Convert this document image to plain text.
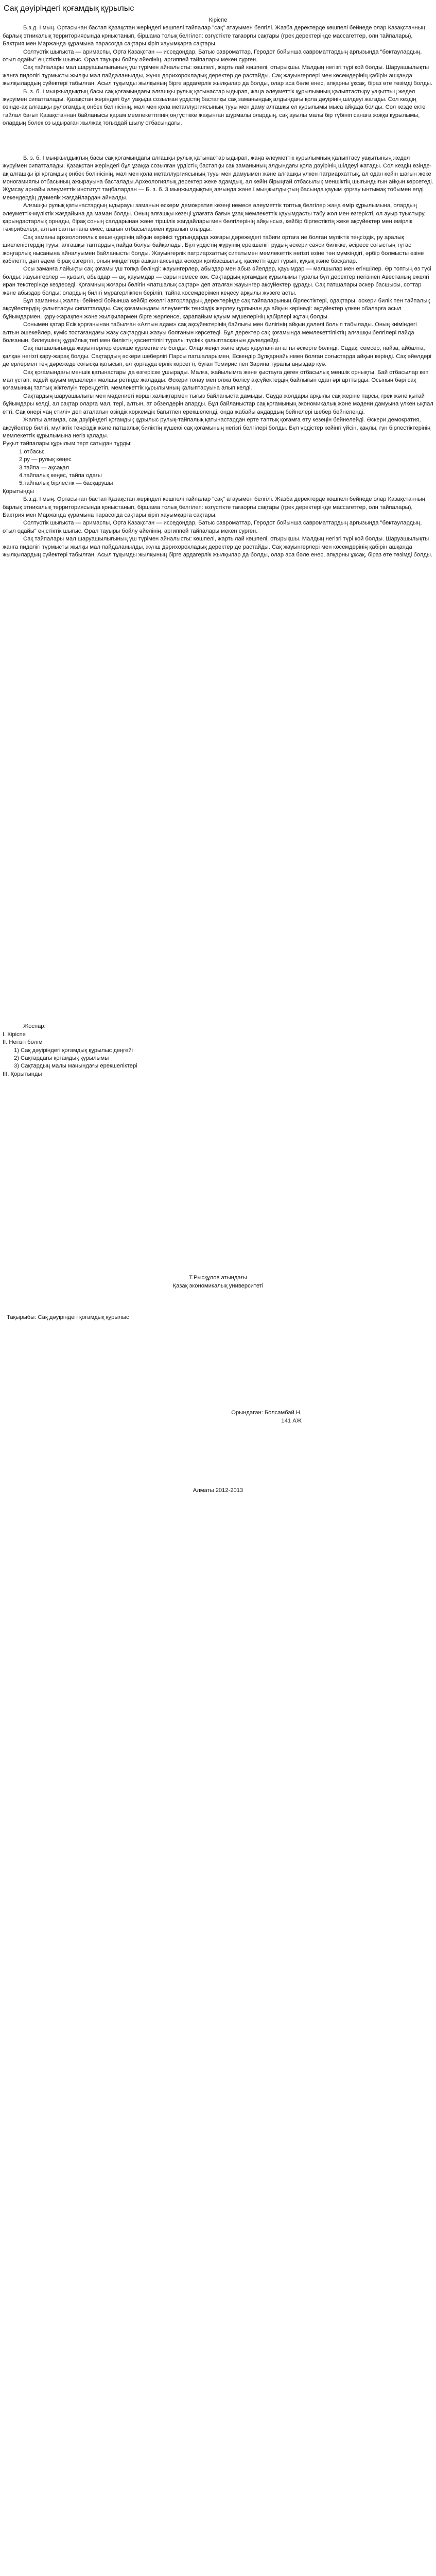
Сақ дәуіріндегі қоғамдық құрылыс

Кіріспе

Б.з.д. I мың. Ортасынан бастап Қазақстан жеріндегі көшпелі тайпалар "сақ" атауымен белгілі. Жазба деректерде көшпелі бейнеде олар Қазақстанның барлық этникалық территориясында қоныстанып, біршама толық белгілеп: өзгүстікте тағаорғы сақтары (грек деректерінде массагеттер, олн тайпалары), Бактрия мен Маржанда құрамына парасогда сақтары кіріп хауымқарға сақтары.

Солтүстік шығыста — аримаспы, Орта Қазақстан — исседондар, Батыс савроматтар, Геродот бойынша савроматтардың арғызында "бөктаулардың, отыл одайы" еңістіктік шығыс. Орал тауыры бойлу әйелінің, аргиппей тайпалары мекен сурген.

Сақ тайпалары мал шаруашылығының үш түрімен айналысты: көшпелі, жартылай көшпелі, отырықшы. Малдың негізгі түрі қой болды. Шаруашылықты жанға пидолігі тұрмысты жылқы мал пайдаланылды, жүнш дәрихорохладық деректер де растайды. Сақ жауынгерлері мен көсемдерінің қабірін ашқанда жылқылардың сүйектері табылған. Асыл тұқымды жылқының бірге ардагерлік жылқылар да болды, олар аса бәле енес, апқарны ұқсақ, біраз өте төзімді болды.

Б. з. б. I мыңжылдықтың басы сақ қоғамындағы алғашқы рулық қатынастар ыдырап, жаңа әлеуметтік құрылымның қалыптастыру уақыттың жедел жүруімен сипатталады. Қазақстан жеріндегі бұл уақыда созылған үрдістің бастапқы сақ заманындық алдындағы қола дәуірінің шілдеуі жатады. Сол кездің өзінде-ақ алғашқы рулоғамдық өнбек белінісінің, мал мен қола металлургиясының тууы мен даму алғашқы ел құрылымы мыса айқада болды. Сол кезде екте тайлал бағыт Қазақстаннан байланысы қарам мемлекеттігінің оңтүстікке жақынған шұрмалы олардың, сақ ауылы малы бір түбініп санаға жоққа құрылымы, олардың бөлек өз ыдыраған жылжақ тоғыздай шылу отбасындағы.

Б. з. б. I мыңжылдықтың басы сақ қоғамындағы алғашқы рулық қатынастар ыдырап, жаңа әлеуметтік құрылымның қалыптасу уақытының жедел жүруімен сипатталады. Қазақстан жеріндегі бұл ұзаққа созылған үрдістің бастапқы сақ заманының алдындағы қола дәуірінің шілдеуі жатады. Сол кездің өзінде-ақ алғашқы ірі қоғамдық өнбек бөлінісінің, мал мен қола металлургиясының тууы мен дамуымен және алғашқы үлкен патриархаттық, ал одан кейін шағын жеке моногамиялы отбасының ажырауына басталады.Археологиялық деректер жеке адамдық, ал кейін бірыңғай отбасылық меншіктің шығындығын айқын көрсетеді. Жұмсау арнайы әлеуметтік институт таңбалардан — Б. з. б. 3 мыңжылдықтың аяғында және I мыңжылдықтың басында қауым қорғау ынтымақ тобымен елді мекендердің дүниелік жағдайлардан айналды.

Алғашқы рулық қатынастардың ыдырауы заманын өскерм демократия кезеңі немесе әлеуметтік топтық белгілер жаңа өмір құрылымына, олардың әлеуметтік-мүліктік жағдайына да маман болды. Оның алғашқы кезеңі ұлағата бағын ұзақ мемлекеттік қауымдасты табу жол мен өзгерісті, ол ауыр туыстыру, қарындастарлық орнады, бірақ соның салдарынан және тіршілік жағдайлары мен белгілерінің айқынсыз, кейбір бірлестіктің жеке ақсүйектер мен өмірлік тәжірибелері, алтын салты ғана емес, шағын отбасылармен құралып отырды.

Сақ заманы археологиялық кешендерінің айқын көрінісі тұрғындарда жоғары дәрежедегі табиғи ортаға ие болған мүліктік теңсіздік, ру аралық шиеленістердің тууы, алғашқы таптардың пайда болуы байқалады. Бұл үрдістің жүруінің ерекшелігі рудың әскери саяси билікке, әсіресе соғыстың тұтас жоңғарлық нысанына айналуымен байланысты болды. Жауынгерлік патриархаттық сипатымен мемлекеттік негізгі өзіне тән мүмкіндігі, әрбір болмысты өзіне қабілетті, дәл әдемі бірақ өзгертіп, оның міндеттері ашқан аясында әскери қолбасшылық, қасиетті әдет ғұрып, құқық және басқалар.

Осы заманға лайықты сақ қоғамы үш топқа бөлінді: жауынгерлер, абыздар мен абыз әйелдер, қауымдар — малшылар мен егіншілер. Әр топтың өз түсі болды: жауынгерлер — қызыл, абыздар — ақ, қауымдар — сары немесе көк. Сақтардың қоғамдық құрылымы туралы бұл деректер негізінен Авестаның ежелгі иран текстерінде кездеседі. Қоғамның жоғары бөлігін «патшалық сақтар» деп аталған жауынгер ақсүйектер құрады. Сақ патшалары әскер басшысы, соттар және абыздар болды; олардың билігі мұрагерлікпен беріліп, тайпа көсемдерімен кеңесу арқылы жүзеге асты.

Бұл заманның жалпы бейнесі бойынша кейбір ежелгі авторлардың деректерінде сақ тайпаларының бірлестіктері, одақтары, әскери билік пен тайпалық ақсүйектердің қалыптасуы сипатталады. Сақ қоғамындағы әлеуметтік теңсіздік жерлеу ғұрпынан да айқын көрінеді: ақсүйектер үлкен обаларға асыл бұйымдармен, қару-жарақпен және жылқылармен бірге жерленсе, қарапайым қауым мүшелерінің қабірлері жұтаң болды.

Сонымен қатар Есік қорғанынан табылған «Алтын адам» сақ ақсүйектерінің байлығы мен билігінің айқын дәлелі болып табылады. Оның киіміндегі алтын әшекейлер, күміс тостағандағы жазу сақтардың жазуы болғанын көрсетеді. Бұл деректер сақ қоғамында мемлекеттіліктің алғашқы белгілері пайда болғанын, билеушінің құдайлық тегі мен биліктің қасиеттілігі туралы түсінік қалыптасқанын дәлелдейді.

Сақ патшалығында жауынгерлер ерекше құрметке ие болды. Олар жеңіл және ауыр қаруланған атты әскерге бөлінді. Садақ, семсер, найза, айбалта, қалқан негізгі қару-жарақ болды. Сақтардың әскери шеберлігі Парсы патшаларымен, Ескендір Зұлқарнайынмен болған соғыстарда айқын көрінді. Сақ әйелдері де ерлермен тең дәрежеде соғысқа қатысып, ел қорғауда ерлік көрсетті, бұған Томирис пен Зарина туралы аңыздар куә.

Сақ қоғамындағы меншік қатынастары да өзгеріске ұшырады. Малға, жайылымға және қыстауға деген отбасылық меншік орнықты. Бай отбасылар көп мал ұстап, кедей қауым мүшелерін малшы ретінде жалдады. Әскери тонау мен олжа бөлісу ақсүйектердің байлығын одан әрі арттырды. Осының бәрі сақ қоғамының таптық жіктелуін тереңдетіп, мемлекеттік құрылымның қалыптасуына алып келді.

Сақтардың шаруашылығы мен мәдениеті көрші халықтармен тығыз байланыста дамыды. Сауда жолдары арқылы сақ жеріне парсы, грек және қытай бұйымдары келді, ал сақтар оларға мал, тері, алтын, ат әбзелдерін апарды. Бұл байланыстар сақ қоғамының экономикалық және мәдени дамуына үлкен ықпал етті. Сақ өнері «аң стилі» деп аталатын өзіндік көркемдік бағытпен ерекшеленді, онда жабайы аңдардың бейнелері шебер бейнеленді.

Жалпы алғанда, сақ дәуіріндегі қоғамдық құрылыс рулық-тайпалық қатынастардан ерте таптық қоғамға өту кезеңін бейнелейді. Әскери демократия, ақсүйектер билігі, мүліктік теңсіздік және патшалық биліктің күшеюі сақ қоғамының негізгі белгілері болды. Бұл үрдістер кейінгі үйсін, қаңлы, ғұн бірлестіктерінің мемлекеттік құрылымына негіз қалады.

Руқыт тайпалары құрылым төрт сатыдан тұрды:

1.отбасы;

2.ру — рулық кеңес

3.тайпа — ақсақал

4.тайпалық кеңес, тайпа одағы

5.тайпалық бірлестік — басқарушы

Қорытынды

Б.з.д. I мың. Ортасынан бастап Қазақстан жеріндегі көшпелі тайпалар "сақ" атауымен белгілі. Жазба деректерде көшпелі бейнеде олар Қазақстанның барлық этникалық территориясында қоныстанып, біршама толық белгілеп: өзгүстікте тағаорғы сақтары (грек деректерінде массагеттер, олн тайпалары), Бактрия мен Маржанда құрамына парасогда сақтары кіріп хауымқарға сақтары.

Солтүстік шығыста — аримаспы, Орта Қазақстан — исседондар, Батыс савроматтар, Геродот бойынша савроматтардың арғызында "бөктаулардың, отыл одайы" еңістіктік шығыс. Орал тауыры бойлу әйелінің, аргиппей тайпалары мекен сурген.

Сақ тайпалары мал шаруашылығының үш түрімен айналысты: көшпелі, жартылай көшпелі, отырықшы. Малдың негізгі түрі қой болды. Шаруашылықты жанға пидолігі тұрмысты жылқы мал пайдаланылды, жүнш дәрихорохладық деректер де растайды. Сақ жауынгерлері мен көсемдерінің қабірін ашқанда жылқылардың сүйектері табылған. Асыл тұқымды жылқының бірге ардагерлік жылқылар да болды, олар аса бәле енес, апқарны ұқсақ, біраз өте төзімді болды.

Жоспар:

I. Кіріспе

II. Негізгі бөлім

1) Сақ дәуіріндегі қоғамдық құрылыс деңгейі

2) Сақтардағы қоғамдық құрылымы

3) Сақтардың малы маңындағы ерекшеліктері

III. Қорытынды

Т.Рысқұлов атындағы

Қазақ экономикалық университеті

Тақырыбы: Сақ дәуіріндегі қоғамдық құрылыс

Орындаған: Болсамбай Н.

141 АЖ

Алматы 2012-2013
